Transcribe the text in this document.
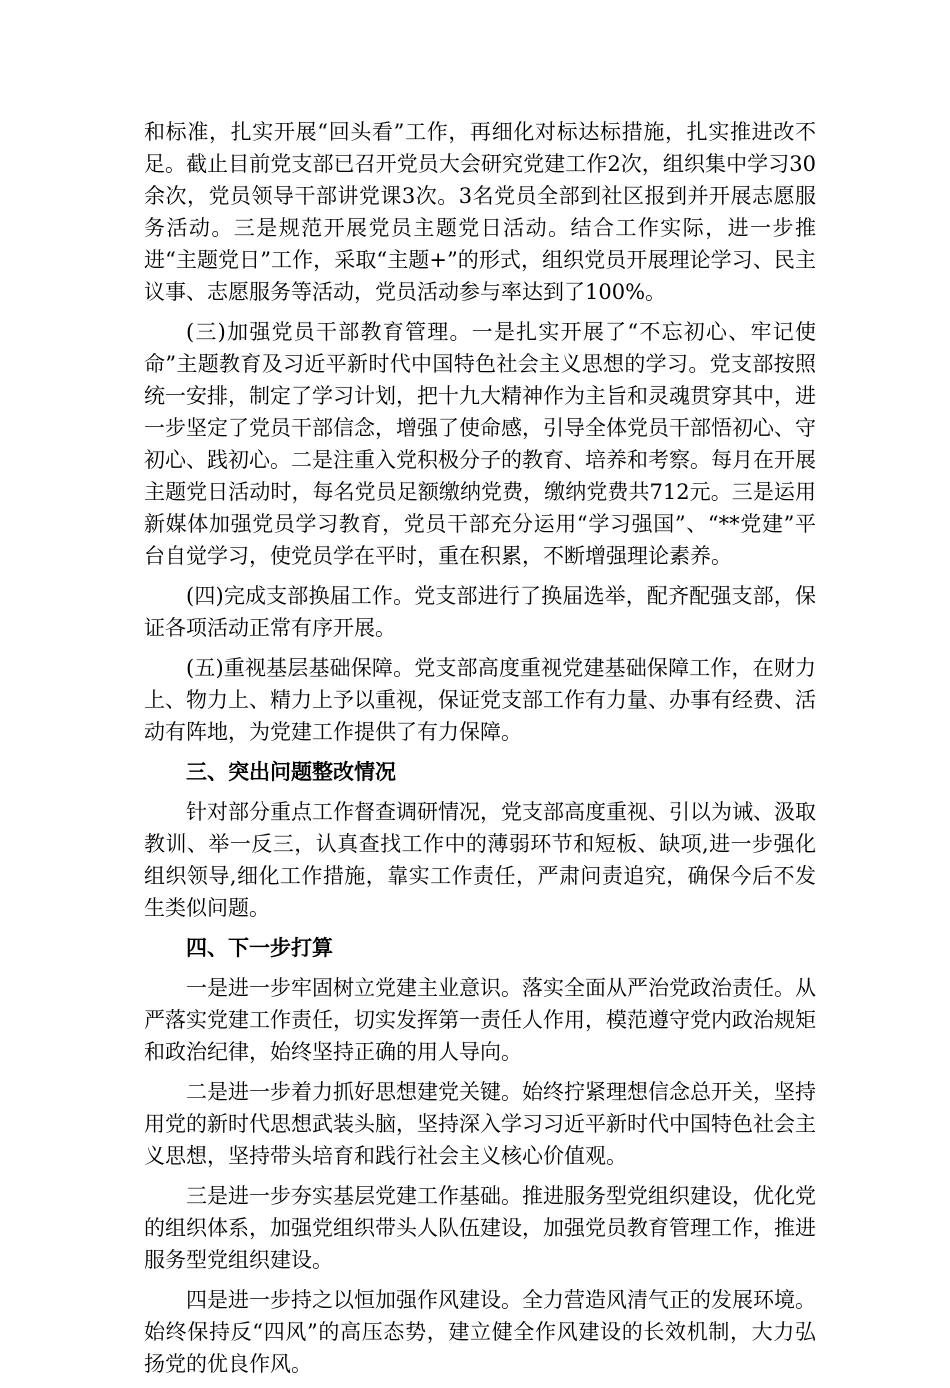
和标准，扎实开展“回头看”工作，再细化对标达标措施，扎实推进改不足。截止目前党支部已召开党员大会研究党建工作2次，组织集中学习30余次，党员领导干部讲党课3次。3名党员全部到社区报到并开展志愿服务活动。三是规范开展党员主题党日活动。结合工作实际，进一步推进“主题党日”工作，采取“主题+”的形式，组织党员开展理论学习、民主议事、志愿服务等活动，党员活动参与率达到了100%。

(三)加强党员干部教育管理。一是扎实开展了“不忘初心、牢记使命”主题教育及习近平新时代中国特色社会主义思想的学习。党支部按照统一安排，制定了学习计划，把十九大精神作为主旨和灵魂贯穿其中，进一步坚定了党员干部信念，增强了使命感，引导全体党员干部悟初心、守初心、践初心。二是注重入党积极分子的教育、培养和考察。每月在开展主题党日活动时，每名党员足额缴纳党费，缴纳党费共712元。三是运用新媒体加强党员学习教育，党员干部充分运用“学习强国”、“**党建”平台自觉学习，使党员学在平时，重在积累，不断增强理论素养。

(四)完成支部换届工作。党支部进行了换届选举，配齐配强支部，保证各项活动正常有序开展。

(五)重视基层基础保障。党支部高度重视党建基础保障工作，在财力上、物力上、精力上予以重视，保证党支部工作有力量、办事有经费、活动有阵地，为党建工作提供了有力保障。

三、突出问题整改情况

针对部分重点工作督查调研情况，党支部高度重视、引以为诫、汲取教训、举一反三，认真查找工作中的薄弱环节和短板、缺项,进一步强化组织领导,细化工作措施，靠实工作责任，严肃问责追究，确保今后不发生类似问题。

四、下一步打算

一是进一步牢固树立党建主业意识。落实全面从严治党政治责任。从严落实党建工作责任，切实发挥第一责任人作用，模范遵守党内政治规矩和政治纪律，始终坚持正确的用人导向。

二是进一步着力抓好思想建党关键。始终拧紧理想信念总开关，坚持用党的新时代思想武装头脑，坚持深入学习习近平新时代中国特色社会主义思想，坚持带头培育和践行社会主义核心价值观。

三是进一步夯实基层党建工作基础。推进服务型党组织建设，优化党的组织体系，加强党组织带头人队伍建设，加强党员教育管理工作，推进服务型党组织建设。

四是进一步持之以恒加强作风建设。全力营造风清气正的发展环境。始终保持反“四风”的高压态势，建立健全作风建设的长效机制，大力弘扬党的优良作风。
